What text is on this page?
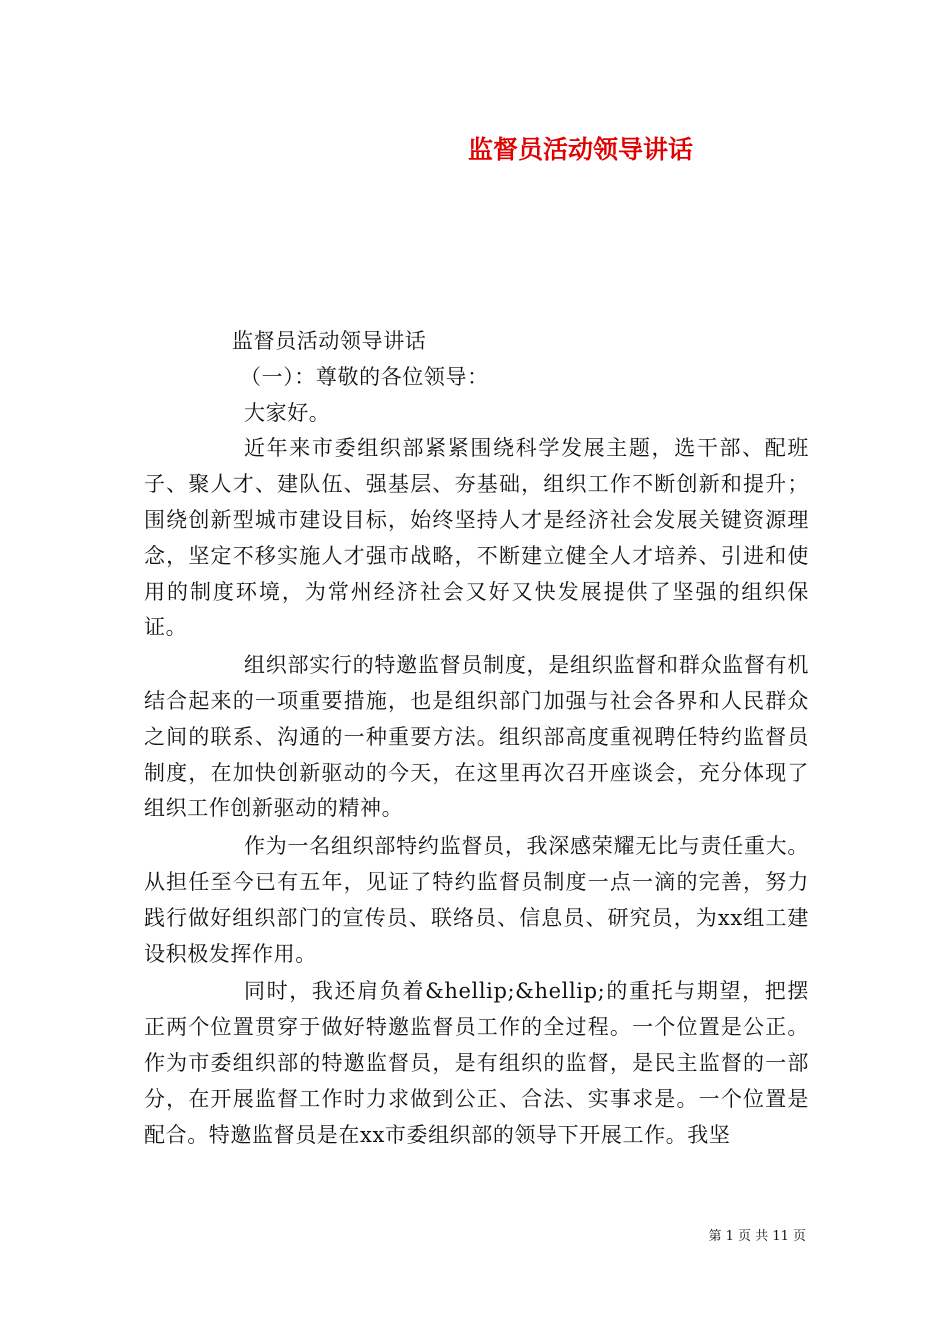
监督员活动领导讲话

监督员活动领导讲话

（一）：尊敬的各位领导：

大家好。

近年来市委组织部紧紧围绕科学发展主题，选干部、配班子、聚人才、建队伍、强基层、夯基础，组织工作不断创新和提升；围绕创新型城市建设目标，始终坚持人才是经济社会发展关键资源理念，坚定不移实施人才强市战略，不断建立健全人才培养、引进和使用的制度环境，为常州经济社会又好又快发展提供了坚强的组织保证。

组织部实行的特邀监督员制度，是组织监督和群众监督有机结合起来的一项重要措施，也是组织部门加强与社会各界和人民群众之间的联系、沟通的一种重要方法。组织部高度重视聘任特约监督员制度，在加快创新驱动的今天，在这里再次召开座谈会，充分体现了组织工作创新驱动的精神。

作为一名组织部特约监督员，我深感荣耀无比与责任重大。从担任至今已有五年，见证了特约监督员制度一点一滴的完善，努力践行做好组织部门的宣传员、联络员、信息员、研究员，为xx组工建设积极发挥作用。

同时，我还肩负着&hellip;&hellip;的重托与期望，把摆正两个位置贯穿于做好特邀监督员工作的全过程。一个位置是公正。作为市委组织部的特邀监督员，是有组织的监督，是民主监督的一部分，在开展监督工作时力求做到公正、合法、实事求是。一个位置是配合。特邀监督员是在xx市委组织部的领导下开展工作。我坚

第 1 页 共 11 页
